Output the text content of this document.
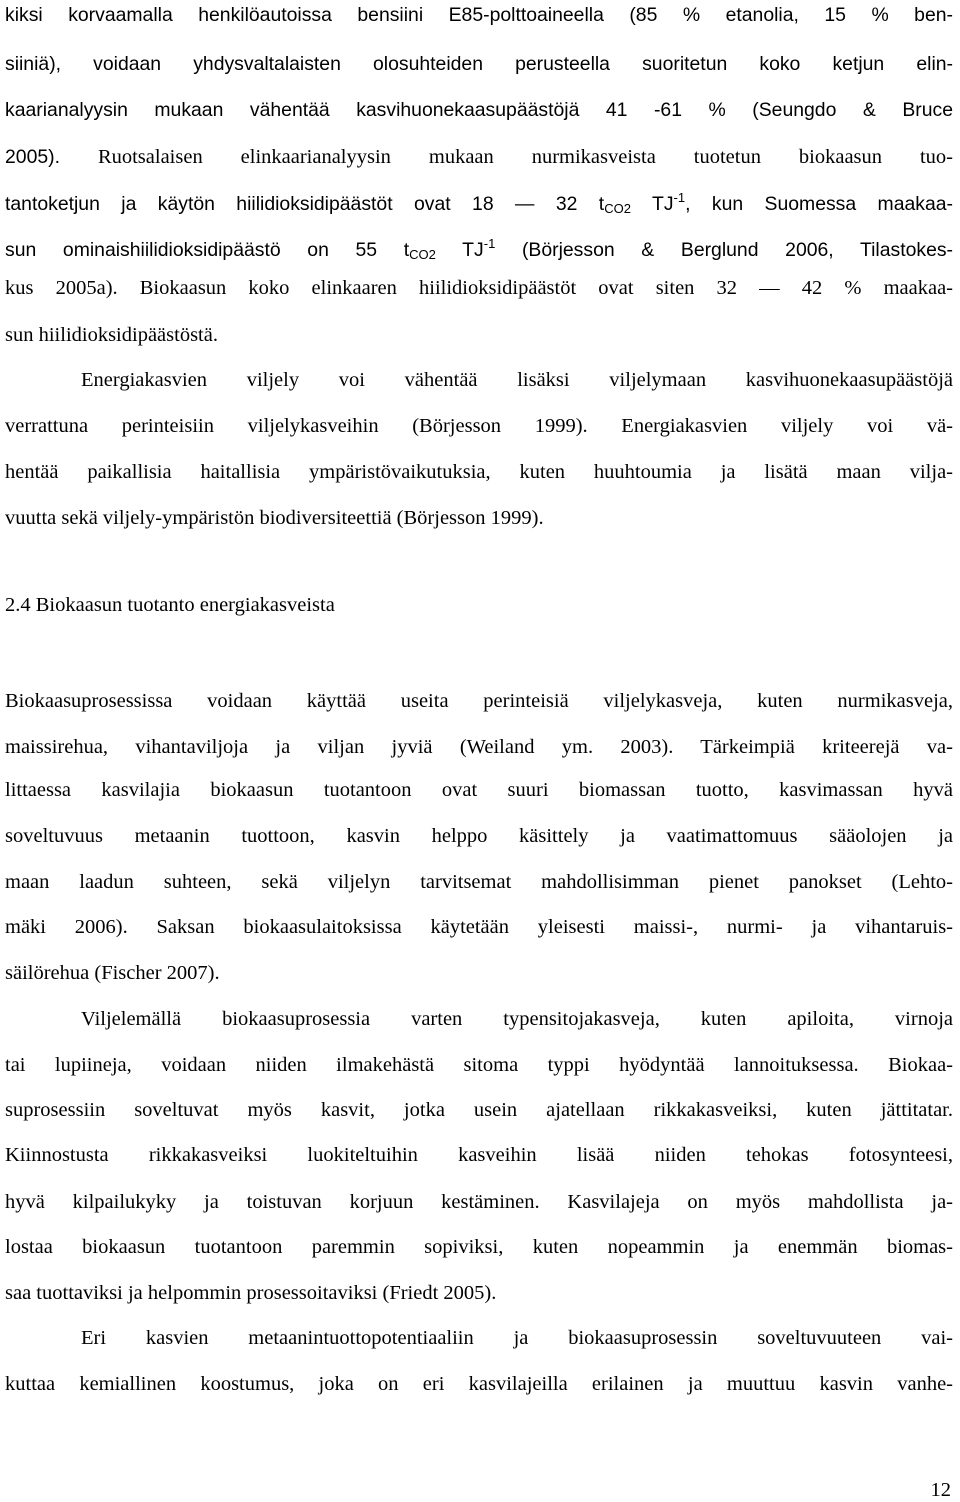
kiksi korvaamalla henkilöautoissa bensiini E85-polttoaineella (85 % etanolia, 15 % ben-
siiniä), voidaan yhdysvaltalaisten olosuhteiden perusteella suoritetun koko ketjun elin-
kaarianalyysin mukaan vähentää kasvihuonekaasupäästöjä 41 -61 % (Seungdo & Bruce
2005). Ruotsalaisen elinkaarianalyysin mukaan nurmikasveista tuotetun biokaasun tuo-
tantoketjun ja käytön hiilidioksidipäästöt ovat 18 ― 32 $t_{CO2}$ $TJ^{-1}$, kun Suomessa maakaa-
sun ominaishiilidioksidipäästö on 55 $t_{CO2}$ $TJ^{-1}$ (Börjesson & Berglund 2006, Tilastokes-
kus 2005a). Biokaasun koko elinkaaren hiilidioksidipäästöt ovat siten 32 ― 42 % maakaa-
sun hiilidioksidipäästöstä.
Energiakasvien viljely voi vähentää lisäksi viljelymaan kasvihuonekaasupäästöjä
verrattuna perinteisiin viljelykasveihin (Börjesson 1999). Energiakasvien viljely voi vä-
hentää paikallisia haitallisia ympäristövaikutuksia, kuten huuhtoumia ja lisätä maan vilja-
vuutta sekä viljely-ympäristön biodiversiteettiä (Börjesson 1999).
2.4 Biokaasun tuotanto energiakasveista
Biokaasuprosessissa voidaan käyttää useita perinteisiä viljelykasveja, kuten nurmikasveja,
maissirehua, vihantaviljoja ja viljan jyviä (Weiland ym. 2003). Tärkeimpiä kriteerejä va-
littaessa kasvilajia biokaasun tuotantoon ovat suuri biomassan tuotto, kasvimassan hyvä
soveltuvuus metaanin tuottoon, kasvin helppo käsittely ja vaatimattomuus sääolojen ja
maan laadun suhteen, sekä viljelyn tarvitsemat mahdollisimman pienet panokset (Lehto-
mäki 2006). Saksan biokaasulaitoksissa käytetään yleisesti maissi-, nurmi- ja vihantaruis-
säilörehua (Fischer 2007).
Viljelemällä biokaasuprosessia varten typensitojakasveja, kuten apiloita, virnoja
tai lupiineja, voidaan niiden ilmakehästä sitoma typpi hyödyntää lannoituksessa. Biokaa-
suprosessiin soveltuvat myös kasvit, jotka usein ajatellaan rikkakasveiksi, kuten jättitatar.
Kiinnostusta rikkakasveiksi luokiteltuihin kasveihin lisää niiden tehokas fotosynteesi,
hyvä kilpailukyky ja toistuvan korjuun kestäminen. Kasvilajeja on myös mahdollista ja-
lostaa biokaasun tuotantoon paremmin sopiviksi, kuten nopeammin ja enemmän biomas-
saa tuottaviksi ja helpommin prosessoitaviksi (Friedt 2005).
Eri kasvien metaanintuottopotentiaaliin ja biokaasuprosessin soveltuvuuteen vai-
kuttaa kemiallinen koostumus, joka on eri kasvilajeilla erilainen ja muuttuu kasvin vanhe-
12
